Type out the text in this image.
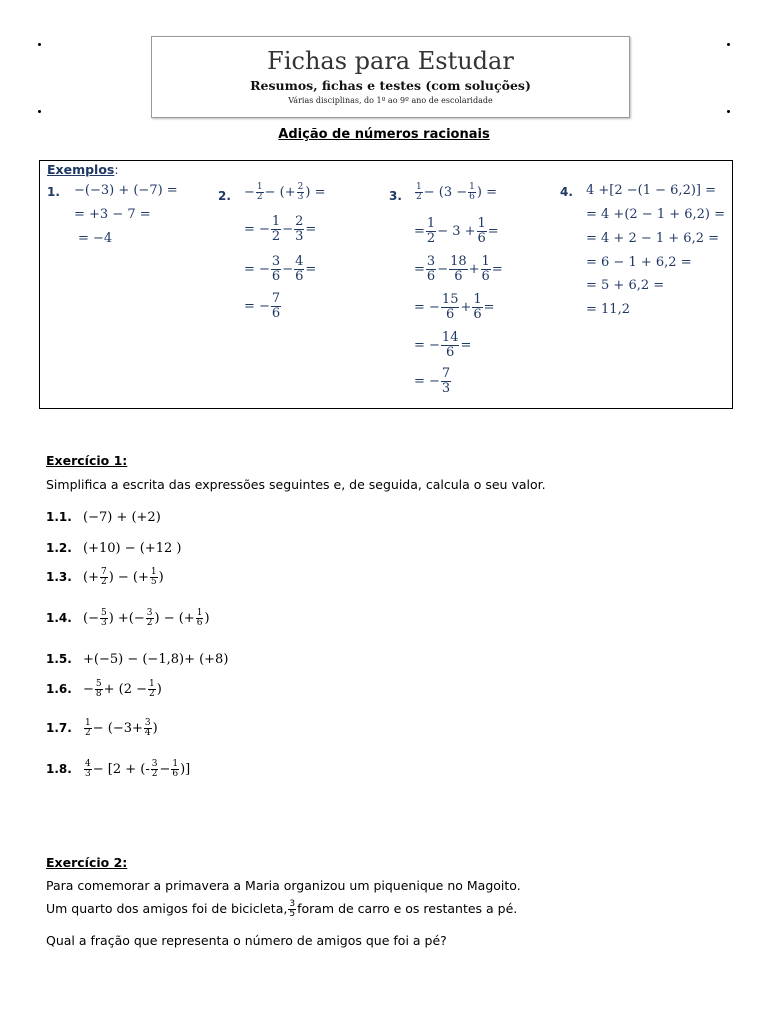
Fichas para Estudar
Resumos, fichas e testes (com soluções)
Várias disciplinas, do 1º ao 9º ano de escolaridade
Adição de números racionais
Exemplos:
1. −(−3) + (−7) =
= +3 − 7 =
= −4
2. − $\frac{1}{2}$ − (+ $\frac{2}{3}$ ) =
= − $\frac{1}{2} - \frac{2}{3}$ =
= − $\frac{3}{6} - \frac{4}{6}$ =
= − $\frac{7}{6}$
3. $\frac{1}{2} - (3 - \frac{1}{6}$ ) =
= $\frac{1}{2} - 3 + \frac{1}{6}$ =
= $\frac{3}{6} - \frac{18}{6} + \frac{1}{6}$ =
= − $\frac{15}{6} + \frac{1}{6}$ =
= − $\frac{14}{6}$ =
= − $\frac{7}{3}$
4. 4 +[2 −(1 − 6,2)] =
= 4 +(2 − 1 + 6,2) =
= 4 + 2 − 1 + 6,2 =
= 6 − 1 + 6,2 =
= 5 + 6,2 =
= 11,2
Exercício 1:
Simplifica a escrita das expressões seguintes e, de seguida, calcula o seu valor.
1.1. (−7) + (+2)
1.2. (+10) − (+12 )
1.3. (+ $\frac{7}{2}$ ) − (+ $\frac{1}{5}$ )
1.4. (− $\frac{5}{3}$ ) +(− $\frac{3}{2}$ ) − (+ $\frac{1}{6}$ )
1.5. +(−5) − (−1,8)+ (+8)
1.6. − $\frac{5}{8} + (2 - \frac{1}{2}$ )
1.7. $\frac{1}{2} - (-3+ \frac{3}{4}$ )
1.8. $\frac{4}{3} - [2$ + (- $\frac{3}{2} - \frac{1}{6}$ )]
Exercício 2:
Para comemorar a primavera a Maria organizou um piquenique no Magoito.
Um quarto dos amigos foi de bicicleta, $\frac{3}{5}$ foram de carro e os restantes a pé.
Qual a fração que representa o número de amigos que foi a pé?
